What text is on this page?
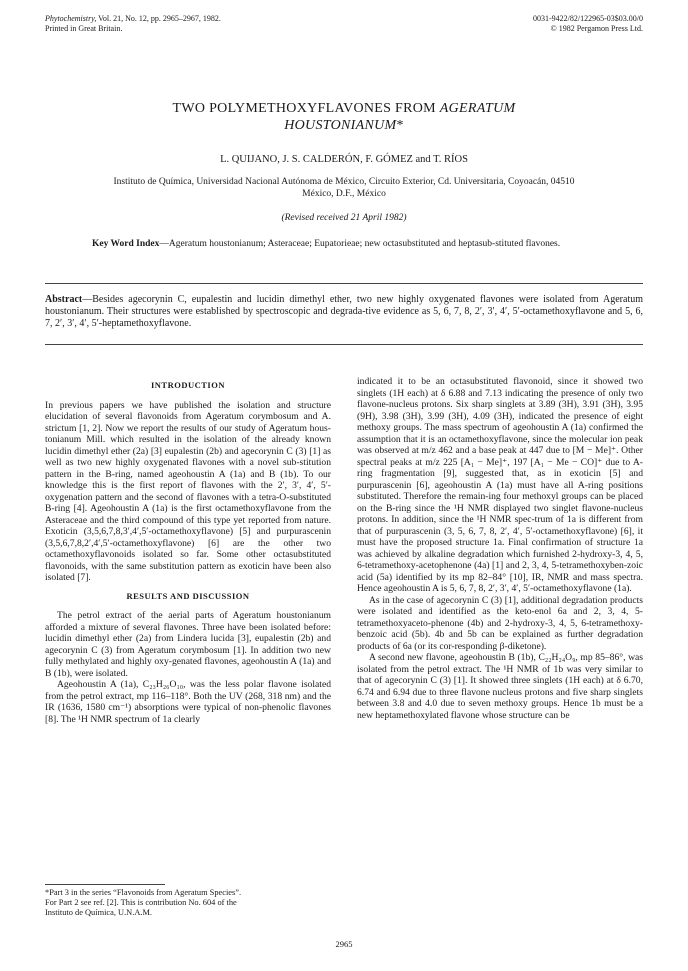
Phytochemistry, Vol. 21, No. 12, pp. 2965–2967, 1982.
Printed in Great Britain.
0031-9422/82/122965-03$03.00/0
© 1982 Pergamon Press Ltd.
TWO POLYMETHOXYFLAVONES FROM AGERATUM
HOUSTONIANUM*
L. QUIJANO, J. S. CALDERÓN, F. GÓMEZ and T. RÍOS
Instituto de Química, Universidad Nacional Autónoma de México, Circuito Exterior, Cd. Universitaria, Coyoacán, 04510
México, D.F., México
(Revised received 21 April 1982)
Key Word Index—Ageratum houstonianum; Asteraceae; Eupatorieae; new octasubstituted and heptasub-stituted flavones.
Abstract—Besides agecorynin C, eupalestin and lucidin dimethyl ether, two new highly oxygenated flavones were isolated from Ageratum houstonianum. Their structures were established by spectroscopic and degrada-tive evidence as 5, 6, 7, 8, 2′, 3′, 4′, 5′-octamethoxyflavone and 5, 6, 7, 2′, 3′, 4′, 5′-heptamethoxyflavone.
INTRODUCTION

In previous papers we have published the isolation and structure elucidation of several flavonoids from Ageratum corymbosum and A. strictum [1, 2]. Now we report the results of our study of Ageratum hous-tonianum Mill. which resulted in the isolation of the already known lucidin dimethyl ether (2a) [3] eupalestin (2b) and agecorynin C (3) [1] as well as two new highly oxygenated flavones with a novel sub-stitution pattern in the B-ring, named ageohoustin A (1a) and B (1b). To our knowledge this is the first report of flavones with the 2′, 3′, 4′, 5′-oxygenation pattern and the second of flavones with a tetra-O-substituted B-ring [4]. Ageohoustin A (1a) is the first octamethoxyflavone from the Asteraceae and the third compound of this type yet reported from nature. Exoticin (3,5,6,7,8,3′,4′,5′-octamethoxyflavone) [5] and purpurascenin (3,5,6,7,8,2′,4′,5′-octamethoxyflavone) [6] are the other two octamethoxyflavonoids isolated so far. Some other octasubstituted flavonoids, with the same substitution pattern as exoticin have been also isolated [7].

RESULTS AND DISCUSSION

The petrol extract of the aerial parts of Ageratum houstonianum afforded a mixture of several flavones. Three have been isolated before: lucidin dimethyl ether (2a) from Lindera lucida [3], eupalestin (2b) and agecorynin C (3) from Ageratum corymbosum [1]. In addition two new fully methylated and highly oxy-genated flavones, ageohoustin A (1a) and B (1b), were isolated.

Ageohoustin A (1a), C₂₃H₂₆O₁₀, was the less polar flavone isolated from the petrol extract, mp 116–118°. Both the UV (268, 318 nm) and the IR (1636, 1580 cm⁻¹) absorptions were typical of non-phenolic flavones [8]. The ¹H NMR spectrum of 1a clearly

indicated it to be an octasubstituted flavonoid, since it showed two singlets (1H each) at δ 6.88 and 7.13 indicating the presence of only two flavone-nucleus protons. Six sharp singlets at 3.89 (3H), 3.91 (3H), 3.95 (9H), 3.98 (3H), 3.99 (3H), 4.09 (3H), indicated the presence of eight methoxy groups. The mass spectrum of ageohoustin A (1a) confirmed the assumption that it is an octamethoxyflavone, since the molecular ion peak was observed at m/z 462 and a base peak at 447 due to [M − Me]⁺. Other spectral peaks at m/z 225 [A₁ − Me]⁺, 197 [A₁ − Me − CO]⁺ due to A-ring fragmentation [9], suggested that, as in exoticin [5] and purpurascenin [6], ageohoustin A (1a) must have all A-ring positions substituted. Therefore the remain-ing four methoxyl groups can be placed on the B-ring since the ¹H NMR displayed two singlet flavone-nucleus protons. In addition, since the ¹H NMR spec-trum of 1a is different from that of purpurascenin (3, 5, 6, 7, 8, 2′, 4′, 5′-octamethoxyflavone) [6], it must have the proposed structure 1a. Final confirmation of structure 1a was achieved by alkaline degradation which furnished 2-hydroxy-3, 4, 5, 6-tetramethoxy-acetophenone (4a) [1] and 2, 3, 4, 5-tetramethoxyben-zoic acid (5a) identified by its mp 82–84° [10], IR, NMR and mass spectra. Hence ageohoustin A is 5, 6, 7, 8, 2′, 3′, 4′, 5′-octamethoxyflavone (1a).

As in the case of agecorynin C (3) [1], additional degradation products were isolated and identified as the keto-enol 6a and 2, 3, 4, 5-tetramethoxyaceto-phenone (4b) and 2-hydroxy-3, 4, 5, 6-tetramethoxy-benzoic acid (5b). 4b and 5b can be explained as further degradation products of 6a (or its cor-responding β-diketone).

A second new flavone, ageohoustin B (1b), C₂₂H₂₄O₉, mp 85–86°, was isolated from the petrol extract. The ¹H NMR of 1b was very similar to that of agecorynin C (3) [1]. It showed three singlets (1H each) at δ 6.70, 6.74 and 6.94 due to three flavone nucleus protons and five sharp singlets between 3.8 and 4.0 due to seven methoxy groups. Hence 1b must be a new heptamethoxylated flavone whose structure can be

*Part 3 in the series “Flavonoids from Ageratum Species”.
For Part 2 see ref. [2]. This is contribution No. 604 of the
Instituto de Química, U.N.A.M.
2965
